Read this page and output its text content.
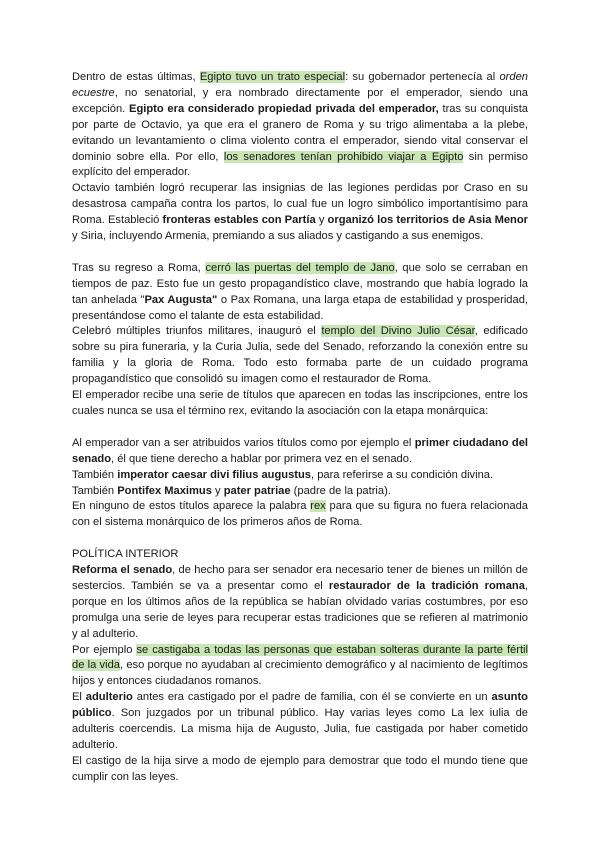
Dentro de estas últimas, Egipto tuvo un trato especial: su gobernador pertenecía al orden ecuestre, no senatorial, y era nombrado directamente por el emperador, siendo una excepción. Egipto era considerado propiedad privada del emperador, tras su conquista por parte de Octavio, ya que era el granero de Roma y su trigo alimentaba a la plebe, evitando un levantamiento o clima violento contra el emperador, siendo vital conservar el dominio sobre ella. Por ello, los senadores tenían prohibido viajar a Egipto sin permiso explícito del emperador.

Octavio también logró recuperar las insignias de las legiones perdidas por Craso en su desastrosa campaña contra los partos, lo cual fue un logro simbólico importantísimo para Roma. Estableció fronteras estables con Partía y organizó los territorios de Asia Menor y Siria, incluyendo Armenia, premiando a sus aliados y castigando a sus enemigos.

Tras su regreso a Roma, cerró las puertas del templo de Jano, que solo se cerraban en tiempos de paz. Esto fue un gesto propagandístico clave, mostrando que había logrado la tan anhelada "Pax Augusta" o Pax Romana, una larga etapa de estabilidad y prosperidad, presentándose como el talante de esta estabilidad.

Celebró múltiples triunfos militares, inauguró el templo del Divino Julio César, edificado sobre su pira funeraria, y la Curia Julia, sede del Senado, reforzando la conexión entre su familia y la gloria de Roma. Todo esto formaba parte de un cuidado programa propagandístico que consolidó su imagen como el restaurador de Roma.

El emperador recibe una serie de títulos que aparecen en todas las inscripciones, entre los cuales nunca se usa el término rex, evitando la asociación con la etapa monárquica:

Al emperador van a ser atribuidos varios títulos como por ejemplo el primer ciudadano del senado, él que tiene derecho a hablar por primera vez en el senado.

También imperator caesar divi filius augustus, para referirse a su condición divina.

También Pontifex Maximus y pater patriae (padre de la patria).

En ninguno de estos títulos aparece la palabra rex para que su figura no fuera relacionada con el sistema monárquico de los primeros años de Roma.

POLÍTICA INTERIOR

Reforma el senado, de hecho para ser senador era necesario tener de bienes un millón de sestercios. También se va a presentar como el restaurador de la tradición romana, porque en los últimos años de la república se habían olvidado varias costumbres, por eso promulga una serie de leyes para recuperar estas tradiciones que se refieren al matrimonio y al adulterio.

Por ejemplo se castigaba a todas las personas que estaban solteras durante la parte fértil de la vida, eso porque no ayudaban al crecimiento demográfico y al nacimiento de legítimos hijos y entonces ciudadanos romanos.

El adulterio antes era castigado por el padre de familia, con él se convierte en un asunto público. Son juzgados por un tribunal público. Hay varias leyes como La lex iulia de adulteris coercendis. La misma hija de Augusto, Julia, fue castigada por haber cometido adulterio.

El castigo de la hija sirve a modo de ejemplo para demostrar que todo el mundo tiene que cumplir con las leyes.
